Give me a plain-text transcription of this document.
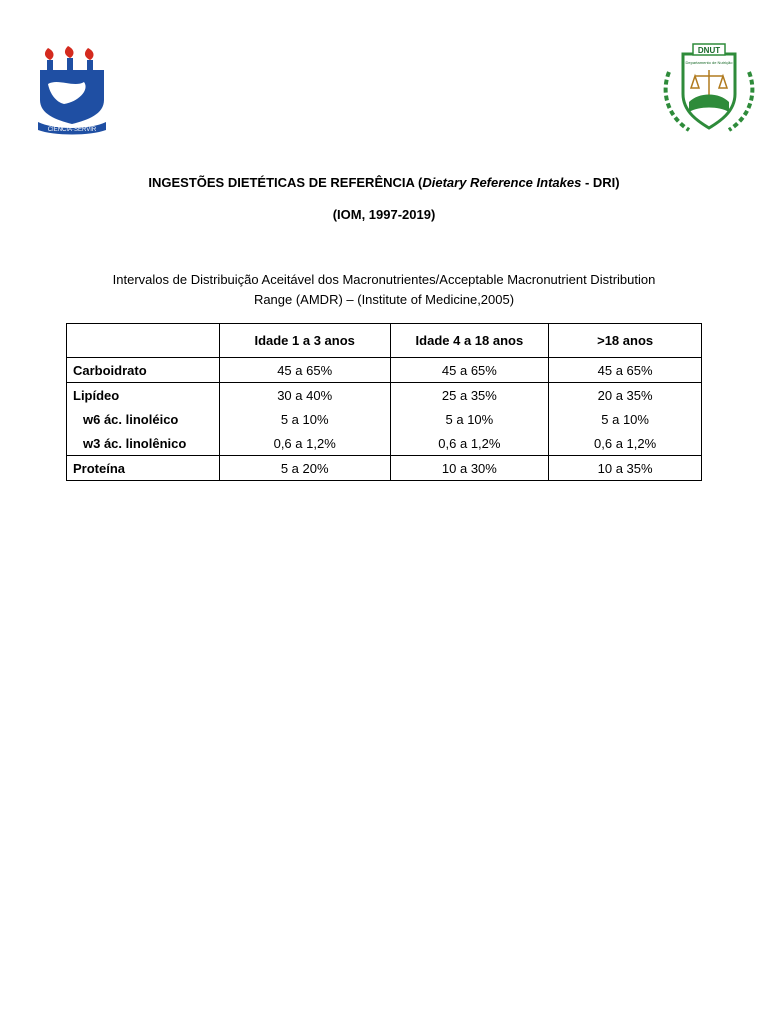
CIENCIA·SERVIR
DNUT
Departamento de Nutrição
UFS
INGESTÕES DIETÉTICAS DE REFERÊNCIA (Dietary Reference Intakes - DRI)
(IOM, 1997-2019)
Intervalos de Distribuição Aceitável dos Macronutrientes/Acceptable Macronutrient Distribution
Range (AMDR) – (Institute of Medicine,2005)
	Idade 1 a 3 anos	Idade 4 a 18 anos	>18 anos
Carboidrato	45 a 65%	45 a 65%	45 a 65%
Lipídeo	30 a 40%	25 a 35%	20 a 35%
w6 ác. linoléico	5 a 10%	5 a 10%	5 a 10%
w3 ác. linolênico	0,6 a 1,2%	0,6 a 1,2%	0,6 a 1,2%
Proteína	5 a 20%	10 a 30%	10 a 35%
